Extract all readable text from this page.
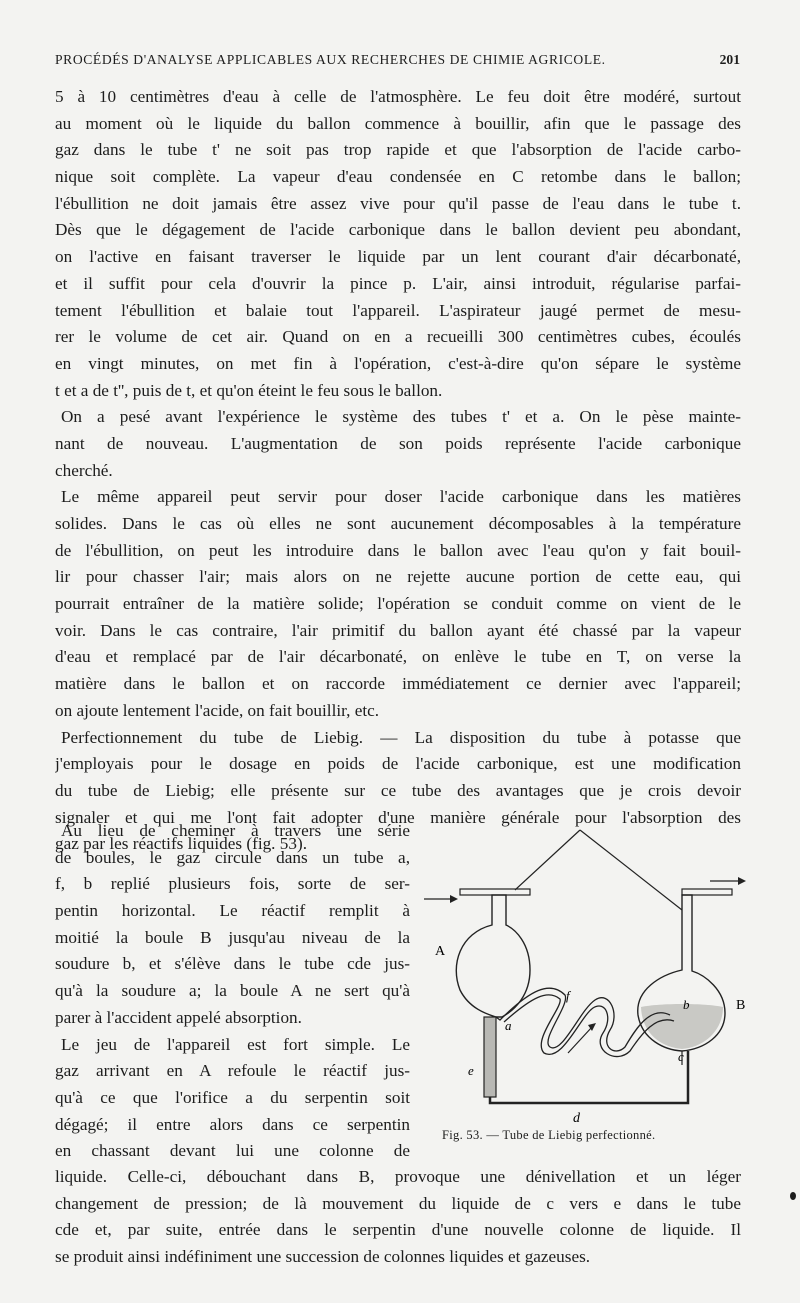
PROCÉDÉS D'ANALYSE APPLICABLES AUX RECHERCHES DE CHIMIE AGRICOLE.	201
5 à 10 centimètres d'eau à celle de l'atmosphère. Le feu doit être modéré, surtout
au moment où le liquide du ballon commence à bouillir, afin que le passage des
gaz dans le tube t' ne soit pas trop rapide et que l'absorption de l'acide carbo-
nique soit complète. La vapeur d'eau condensée en C retombe dans le ballon;
l'ébullition ne doit jamais être assez vive pour qu'il passe de l'eau dans le tube t.
Dès que le dégagement de l'acide carbonique dans le ballon devient peu abondant,
on l'active en faisant traverser le liquide par un lent courant d'air décarbonaté,
et il suffit pour cela d'ouvrir la pince p. L'air, ainsi introduit, régularise parfai-
tement l'ébullition et balaie tout l'appareil. L'aspirateur jaugé permet de mesu-
rer le volume de cet air. Quand on en a recueilli 300 centimètres cubes, écoulés
en vingt minutes, on met fin à l'opération, c'est-à-dire qu'on sépare le système
t et a de t'', puis de t, et qu'on éteint le feu sous le ballon.
On a pesé avant l'expérience le système des tubes t' et a. On le pèse mainte-
nant de nouveau. L'augmentation de son poids représente l'acide carbonique
cherché.
Le même appareil peut servir pour doser l'acide carbonique dans les matières
solides. Dans le cas où elles ne sont aucunement décomposables à la température
de l'ébullition, on peut les introduire dans le ballon avec l'eau qu'on y fait bouil-
lir pour chasser l'air; mais alors on ne rejette aucune portion de cette eau, qui
pourrait entraîner de la matière solide; l'opération se conduit comme on vient de le
voir. Dans le cas contraire, l'air primitif du ballon ayant été chassé par la vapeur
d'eau et remplacé par de l'air décarbonaté, on enlève le tube en T, on verse la
matière dans le ballon et on raccorde immédiatement ce dernier avec l'appareil;
on ajoute lentement l'acide, on fait bouillir, etc.
Perfectionnement du tube de Liebig. — La disposition du tube à potasse que
j'employais pour le dosage en poids de l'acide carbonique, est une modification
du tube de Liebig; elle présente sur ce tube des avantages que je crois devoir
signaler et qui me l'ont fait adopter d'une manière générale pour l'absorption des
gaz par les réactifs liquides (fig. 53).
Au lieu de cheminer à travers une série
de boules, le gaz circule dans un tube a,
f, b replié plusieurs fois, sorte de ser-
pentin horizontal. Le réactif remplit à
moitié la boule B jusqu'au niveau de la
soudure b, et s'élève dans le tube cde jus-
qu'à la soudure a; la boule A ne sert qu'à
parer à l'accident appelé absorption.
Le jeu de l'appareil est fort simple. Le
gaz arrivant en A refoule le réactif jus-
qu'à ce que l'orifice a du serpentin soit
dégagé; il entre alors dans ce serpentin
en chassant devant lui une colonne de
A
B
a
b
c
d
e
f
Fig. 53. — Tube de Liebig perfectionné.
liquide. Celle-ci, débouchant dans B, provoque une dénivellation et un léger
changement de pression; de là mouvement du liquide de c vers e dans le tube
cde et, par suite, entrée dans le serpentin d'une nouvelle colonne de liquide. Il
se produit ainsi indéfiniment une succession de colonnes liquides et gazeuses.
